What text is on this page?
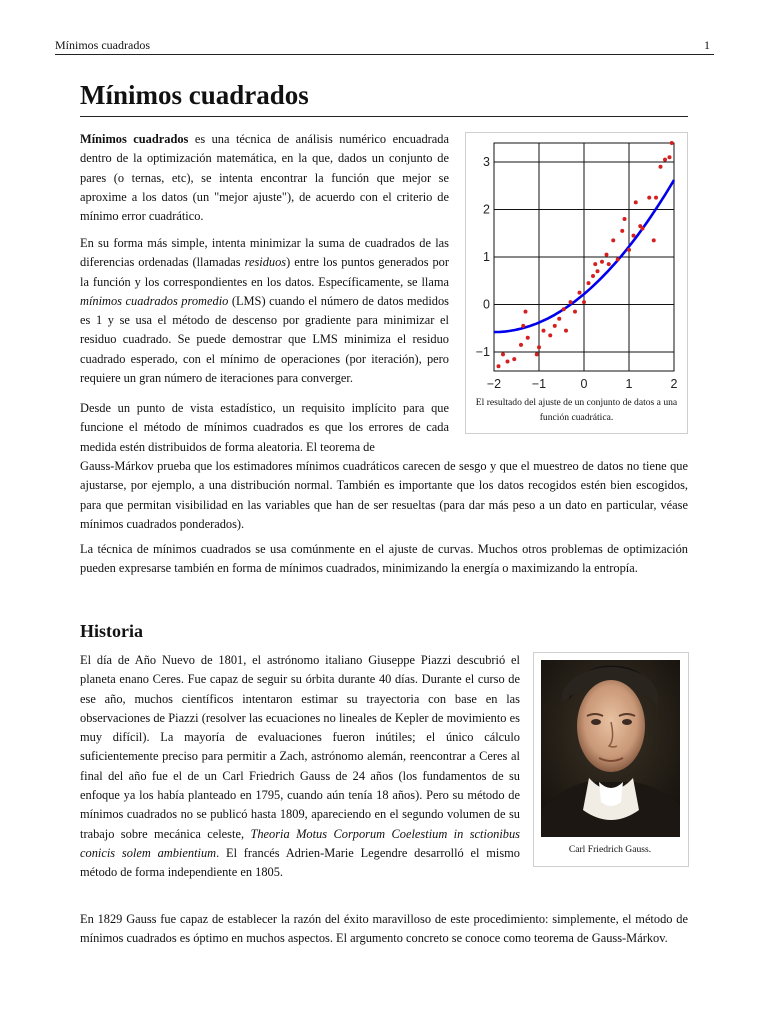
Mínimos cuadrados	1
Mínimos cuadrados

Mínimos cuadrados es una técnica de análisis numérico encuadrada dentro de la optimización matemática, en la que, dados un conjunto de pares (o ternas, etc), se intenta encontrar la función que mejor se aproxime a los datos (un "mejor ajuste"), de acuerdo con el criterio de mínimo error cuadrático.

En su forma más simple, intenta minimizar la suma de cuadrados de las diferencias ordenadas (llamadas residuos) entre los puntos generados por la función y los correspondientes en los datos. Específicamente, se llama mínimos cuadrados promedio (LMS) cuando el número de datos medidos es 1 y se usa el método de descenso por gradiente para minimizar el residuo cuadrado. Se puede demostrar que LMS minimiza el residuo cuadrado esperado, con el mínimo de operaciones (por iteración), pero requiere un gran número de iteraciones para converger.

Desde un punto de vista estadístico, un requisito implícito para que funcione el método de mínimos cuadrados es que los errores de cada medida estén distribuidos de forma aleatoria. El teorema de

Gauss-Márkov prueba que los estimadores mínimos cuadráticos carecen de sesgo y que el muestreo de datos no tiene que ajustarse, por ejemplo, a una distribución normal. También es importante que los datos recogidos estén bien escogidos, para que permitan visibilidad en las variables que han de ser resueltas (para dar más peso a un dato en particular, véase mínimos cuadrados ponderados).

La técnica de mínimos cuadrados se usa comúnmente en el ajuste de curvas. Muchos otros problemas de optimización pueden expresarse también en forma de mínimos cuadrados, minimizando la energía o maximizando la entropía.

−2 −1	0	1	2
−1
0
1
2
3
El resultado del ajuste de un conjunto de datos a una función cuadrática.
Historia

El día de Año Nuevo de 1801, el astrónomo italiano Giuseppe Piazzi descubrió el planeta enano Ceres. Fue capaz de seguir su órbita durante 40 días. Durante el curso de ese año, muchos científicos intentaron estimar su trayectoria con base en las observaciones de Piazzi (resolver las ecuaciones no lineales de Kepler de movimiento es muy difícil). La mayoría de evaluaciones fueron inútiles; el único cálculo suficientemente preciso para permitir a Zach, astrónomo alemán, reencontrar a Ceres al final del año fue el de un Carl Friedrich Gauss de 24 años (los fundamentos de su enfoque ya los había planteado en 1795, cuando aún tenía 18 años). Pero su método de mínimos cuadrados no se publicó hasta 1809, apareciendo en el segundo volumen de su trabajo sobre mecánica celeste, Theoria Motus Corporum Coelestium in sctionibus conicis solem ambientium. El francés Adrien-Marie Legendre desarrolló el mismo método de forma independiente en 1805.

Carl Friedrich Gauss.

En 1829 Gauss fue capaz de establecer la razón del éxito maravilloso de este procedimiento: simplemente, el método de mínimos cuadrados es óptimo en muchos aspectos. El argumento concreto se conoce como teorema de Gauss-Márkov.
